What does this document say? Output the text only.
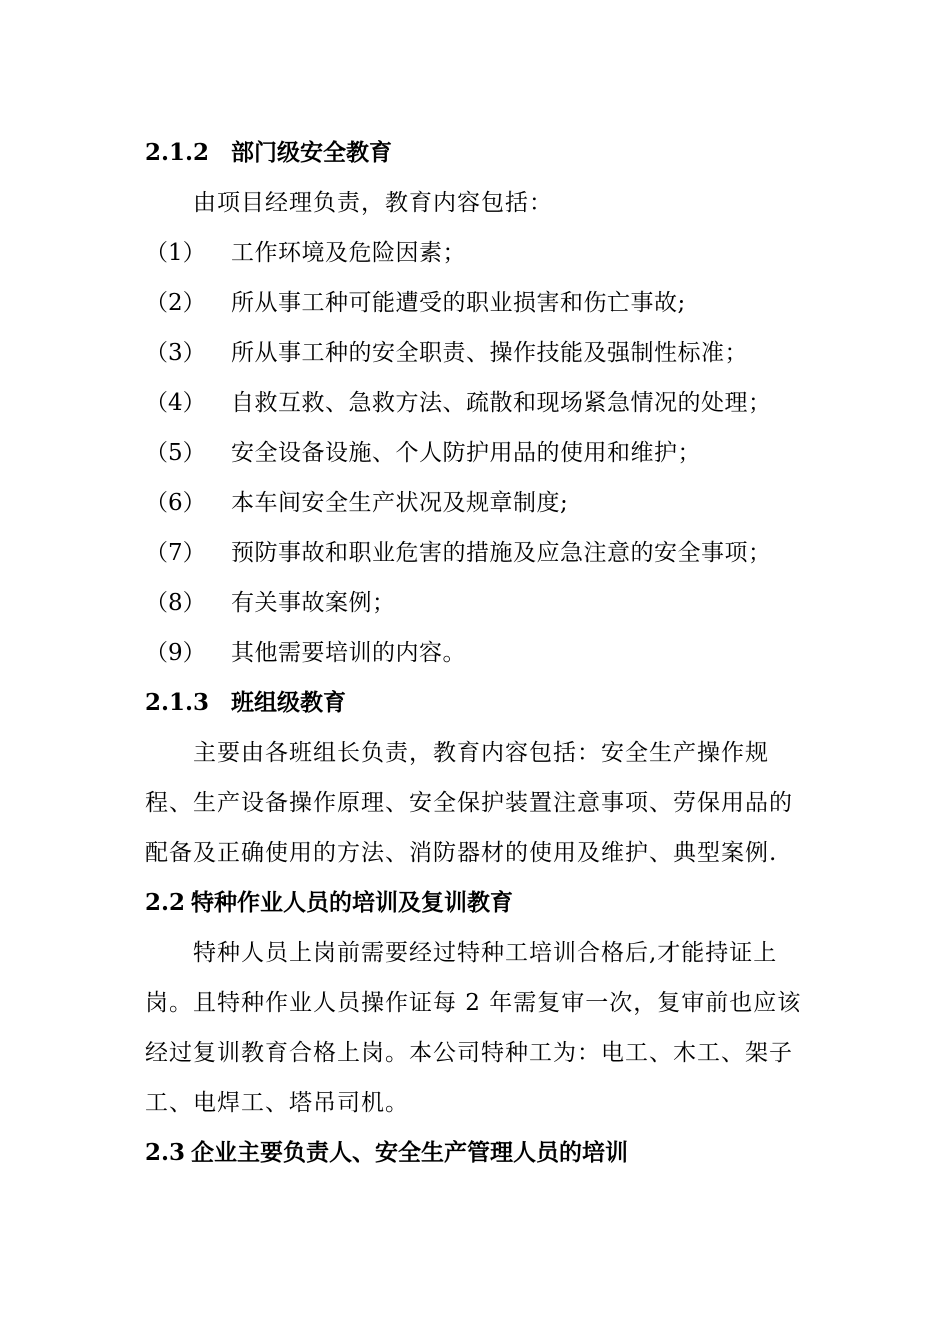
2.1.2 部门级安全教育

由项目经理负责，教育内容包括：

（1）	工作环境及危险因素；
（2）	所从事工种可能遭受的职业损害和伤亡事故;
（3）	所从事工种的安全职责、操作技能及强制性标准；
（4）	自救互救、急救方法、疏散和现场紧急情况的处理；
（5）	安全设备设施、个人防护用品的使用和维护；
（6）	本车间安全生产状况及规章制度;
（7）	预防事故和职业危害的措施及应急注意的安全事项；
（8）	有关事故案例；
（9）	其他需要培训的内容。
2.1.3 班组级教育

主要由各班组长负责，教育内容包括：安全生产操作规程、生产设备操作原理、安全保护装置注意事项、劳保用品的配备及正确使用的方法、消防器材的使用及维护、典型案例.

2.2 特种作业人员的培训及复训教育

特种人员上岗前需要经过特种工培训合格后,才能持证上岗。且特种作业人员操作证每 2 年需复审一次，复审前也应该经过复训教育合格上岗。本公司特种工为：电工、木工、架子工、电焊工、塔吊司机。

2.3 企业主要负责人、安全生产管理人员的培训
